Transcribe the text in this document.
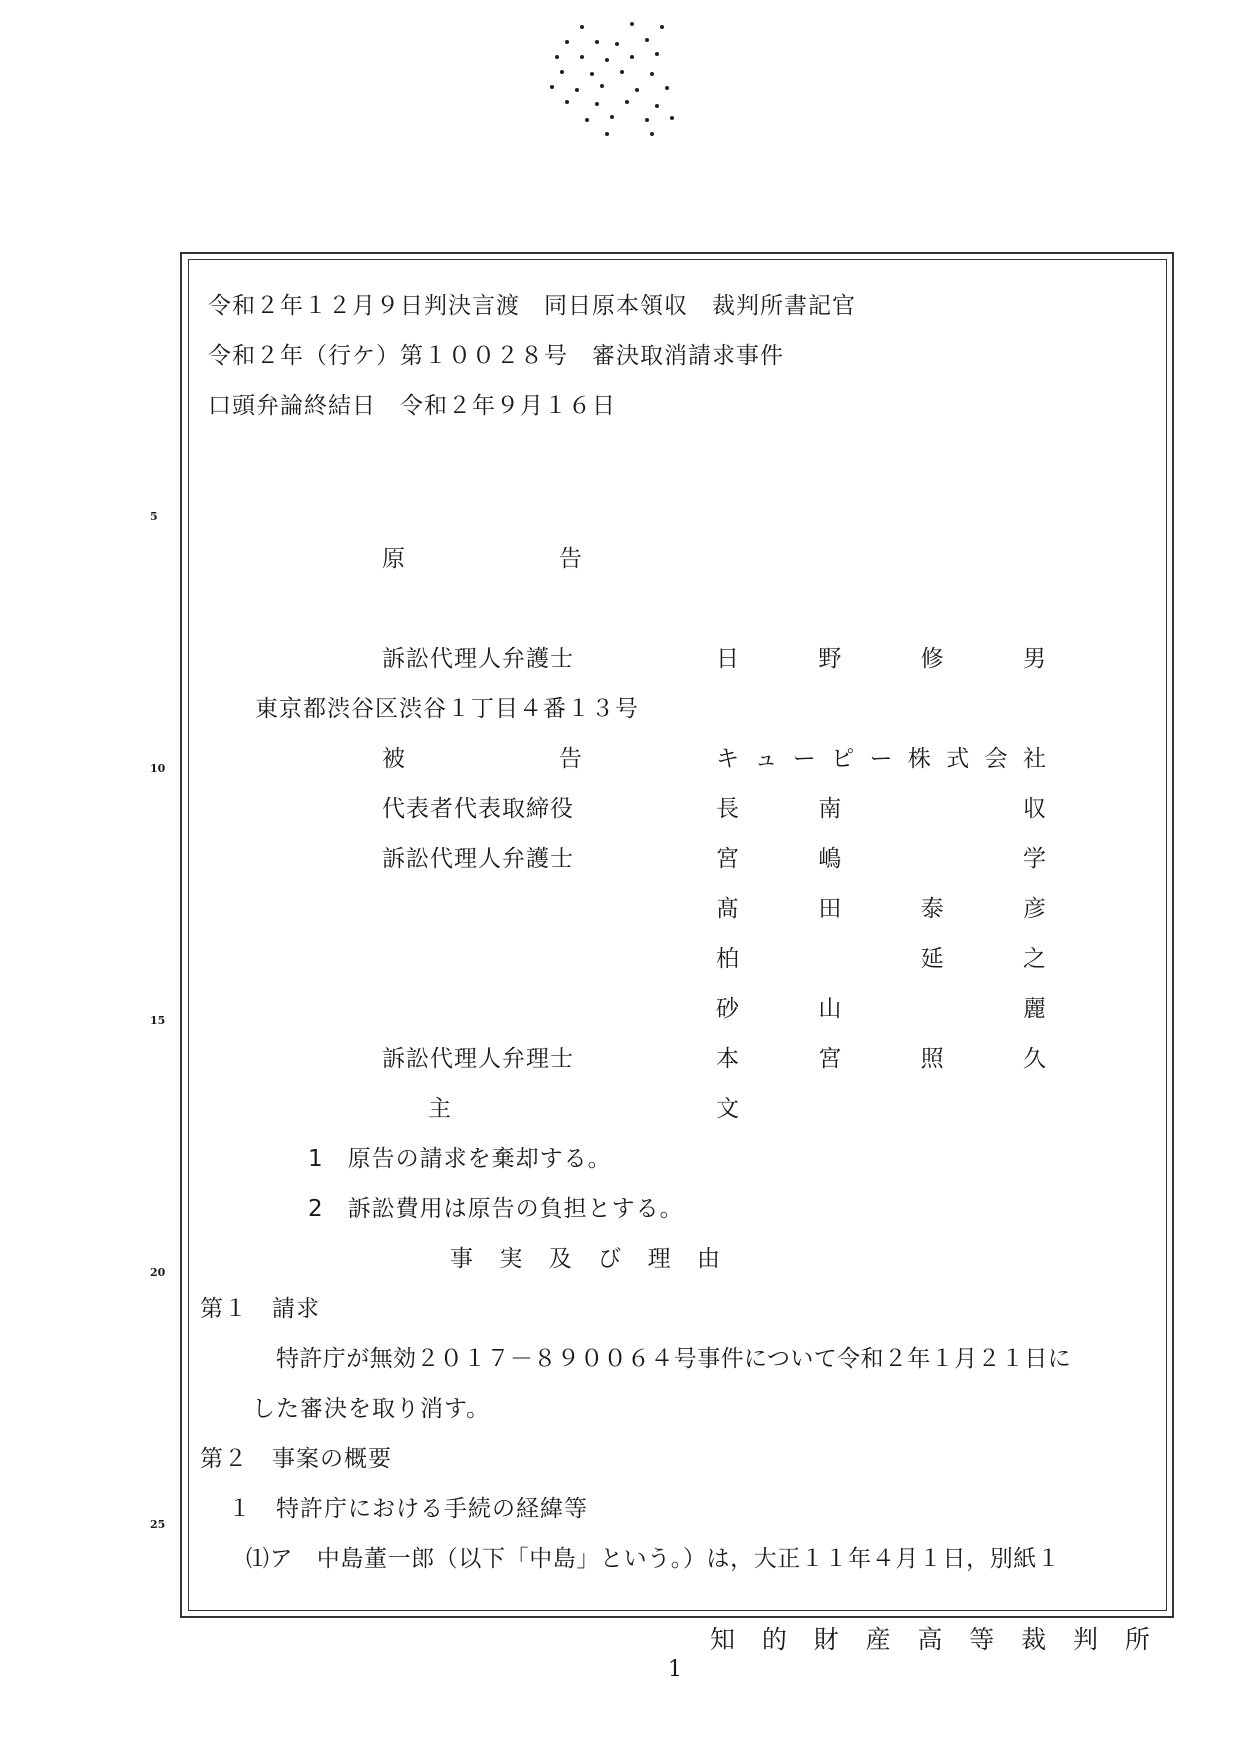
5
10
15
20
25
令和２年１２月９日判決言渡　同日原本領収　裁判所書記官
令和２年（行ケ）第１００２８号　審決取消請求事件
口頭弁論終結日　令和２年９月１６日
原	告
訴訟代理人弁護士	日	野	修	男
東京都渋谷区渋谷１丁目４番１３号
被	告	キ ュ ー ピ ー 株 式 会 社
代表者代表取締役	長	南	収
訴訟代理人弁護士	宮	嶋	学
髙	田	泰	彦
柏	延	之
砂	山	麗
訴訟代理人弁理士	本	宮	照	久
主	文
1　 原告の請求を棄却する。
2　 訴訟費用は原告の負担とする。
事 実 及 び 理 由
第１　請求
特許庁が無効２０１７－８９００６４号事件について令和２年１月２１日に
した審決を取り消す。
第２　事案の概要
１　特許庁における手続の経緯等
⑴ア　中島董一郎（以下「中島」という。）は，大正１１年４月１日，別紙１
知 的 財 産 高 等 裁 判 所
1
